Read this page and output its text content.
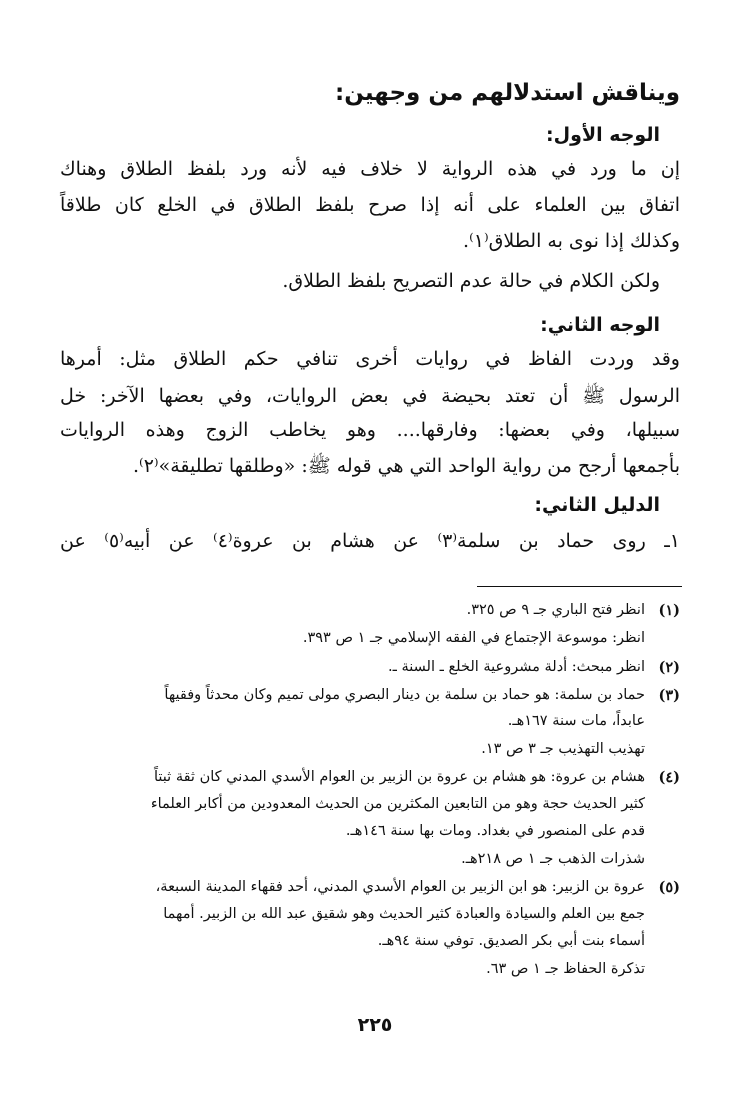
ويناقش استدلالهم من وجهين:
الوجه الأول:
إن ما ورد في هذه الرواية لا خلاف فيه لأنه ورد بلفظ الطلاق وهناك
اتفاق بين العلماء على أنه إذا صرح بلفظ الطلاق في الخلع كان طلاقاً
وكذلك إذا نوى به الطلاق⁽١⁾.
ولكن الكلام في حالة عدم التصريح بلفظ الطلاق.
الوجه الثاني:
وقد وردت الفاظ في روايات أخرى تنافي حكم الطلاق مثل: أمرها
الرسول ﷺ أن تعتد بحيضة في بعض الروايات، وفي بعضها الآخر: خل
سبيلها، وفي بعضها: وفارقها.... وهو يخاطب الزوج وهذه الروايات
بأجمعها أرجح من رواية الواحد التي هي قوله ﷺ: «وطلقها تطليقة»⁽٢⁾.
الدليل الثاني:
١ـ روى حماد بن سلمة⁽٣⁾ عن هشام بن عروة⁽٤⁾ عن أبيه⁽٥⁾ عن
(١)
انظر فتح الباري جـ ٩ ص ٣٢٥.
انظر: موسوعة الإجتماع في الفقه الإسلامي جـ ١ ص ٣٩٣.
(٢)
انظر مبحث: أدلة مشروعية الخلع ـ السنة ـ.
(٣)
حماد بن سلمة: هو حماد بن سلمة بن دينار البصري مولى تميم وكان محدثاً وفقيهاً
عابداً، مات سنة ١٦٧هـ.
تهذيب التهذيب جـ ٣ ص ١٣.
(٤)
هشام بن عروة: هو هشام بن عروة بن الزبير بن العوام الأسدي المدني كان ثقة ثبتاً
كثير الحديث حجة وهو من التابعين المكثرين من الحديث المعدودين من أكابر العلماء
قدم على المنصور في بغداد. ومات بها سنة ١٤٦هـ.
شذرات الذهب جـ ١ ص ٢١٨هـ.
(٥)
عروة بن الزبير: هو ابن الزبير بن العوام الأسدي المدني، أحد فقهاء المدينة السبعة،
جمع بين العلم والسيادة والعبادة كثير الحديث وهو شقيق عبد الله بن الزبير. أمهما
أسماء بنت أبي بكر الصديق. توفي سنة ٩٤هـ.
تذكرة الحفاظ جـ ١ ص ٦٣.
٢٢٥
